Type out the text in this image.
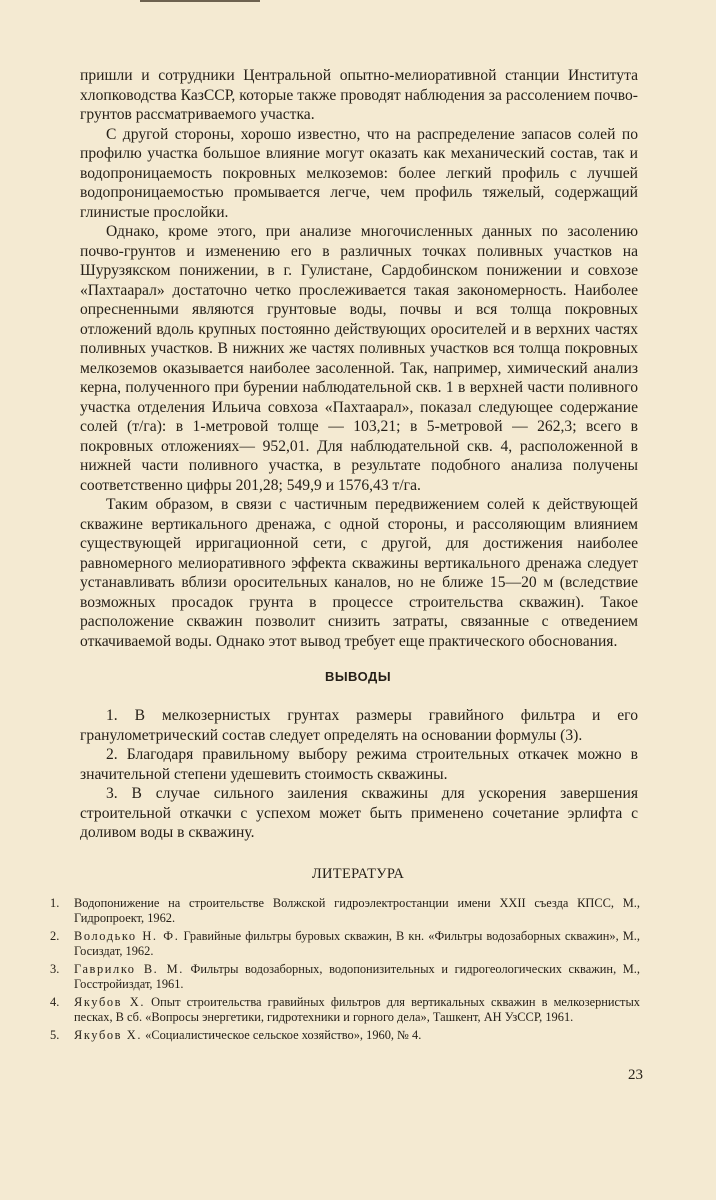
пришли и сотрудники Центральной опытно-мелиоративной станции Института хлопководства КазССР, которые также проводят наблюдения за рассолением почво-грунтов рассматриваемого участка.

С другой стороны, хорошо известно, что на распределение запасов солей по профилю участка большое влияние могут оказать как механический состав, так и водопроницаемость покровных мелкоземов: более легкий профиль с лучшей водопроницаемостью промывается легче, чем профиль тяжелый, содержащий глинистые прослойки.

Однако, кроме этого, при анализе многочисленных данных по засолению почво-грунтов и изменению его в различных точках поливных участков на Шурузякском понижении, в г. Гулистане, Сардобинском понижении и совхозе «Пахтаарал» достаточно четко прослеживается такая закономерность. Наиболее опресненными являются грунтовые воды, почвы и вся толща покровных отложений вдоль крупных постоянно действующих оросителей и в верхних частях поливных участков. В нижних же частях поливных участков вся толща покровных мелкоземов оказывается наиболее засоленной. Так, например, химический анализ керна, полученного при бурении наблюдательной скв. 1 в верхней части поливного участка отделения Ильича совхоза «Пахтаарал», показал следующее содержание солей (т/га): в 1-метровой толще — 103,21; в 5-метровой — 262,3; всего в покровных отложениях— 952,01. Для наблюдательной скв. 4, расположенной в нижней части поливного участка, в результате подобного анализа получены соответственно цифры 201,28; 549,9 и 1576,43 т/га.

Таким образом, в связи с частичным передвижением солей к действующей скважине вертикального дренажа, с одной стороны, и рассоляющим влиянием существующей ирригационной сети, с другой, для достижения наиболее равномерного мелиоративного эффекта скважины вертикального дренажа следует устанавливать вблизи оросительных каналов, но не ближе 15—20 м (вследствие возможных просадок грунта в процессе строительства скважин). Такое расположение скважин позволит снизить затраты, связанные с отведением откачиваемой воды. Однако этот вывод требует еще практического обоснования.

ВЫВОДЫ

1. В мелкозернистых грунтах размеры гравийного фильтра и его гранулометрический состав следует определять на основании формулы (3).

2. Благодаря правильному выбору режима строительных откачек можно в значительной степени удешевить стоимость скважины.

3. В случае сильного заиления скважины для ускорения завершения строительной откачки с успехом может быть применено сочетание эрлифта с доливом воды в скважину.

ЛИТЕРАТУРА
1.	Водопонижение на строительстве Волжской гидроэлектростанции имени XXII съезда КПСС, М., Гидропроект, 1962.
2.	Володько Н. Ф. Гравийные фильтры буровых скважин, В кн. «Фильтры водозаборных скважин», М., Госиздат, 1962.
3.	Гаврилко В. М. Фильтры водозаборных, водопонизительных и гидрогеологических скважин, М., Госстройиздат, 1961.
4.	Якубов Х. Опыт строительства гравийных фильтров для вертикальных скважин в мелкозернистых песках, В сб. «Вопросы энергетики, гидротехники и горного дела», Ташкент, АН УзССР, 1961.
5.	Якубов Х. «Социалистическое сельское хозяйство», 1960, № 4.
23
